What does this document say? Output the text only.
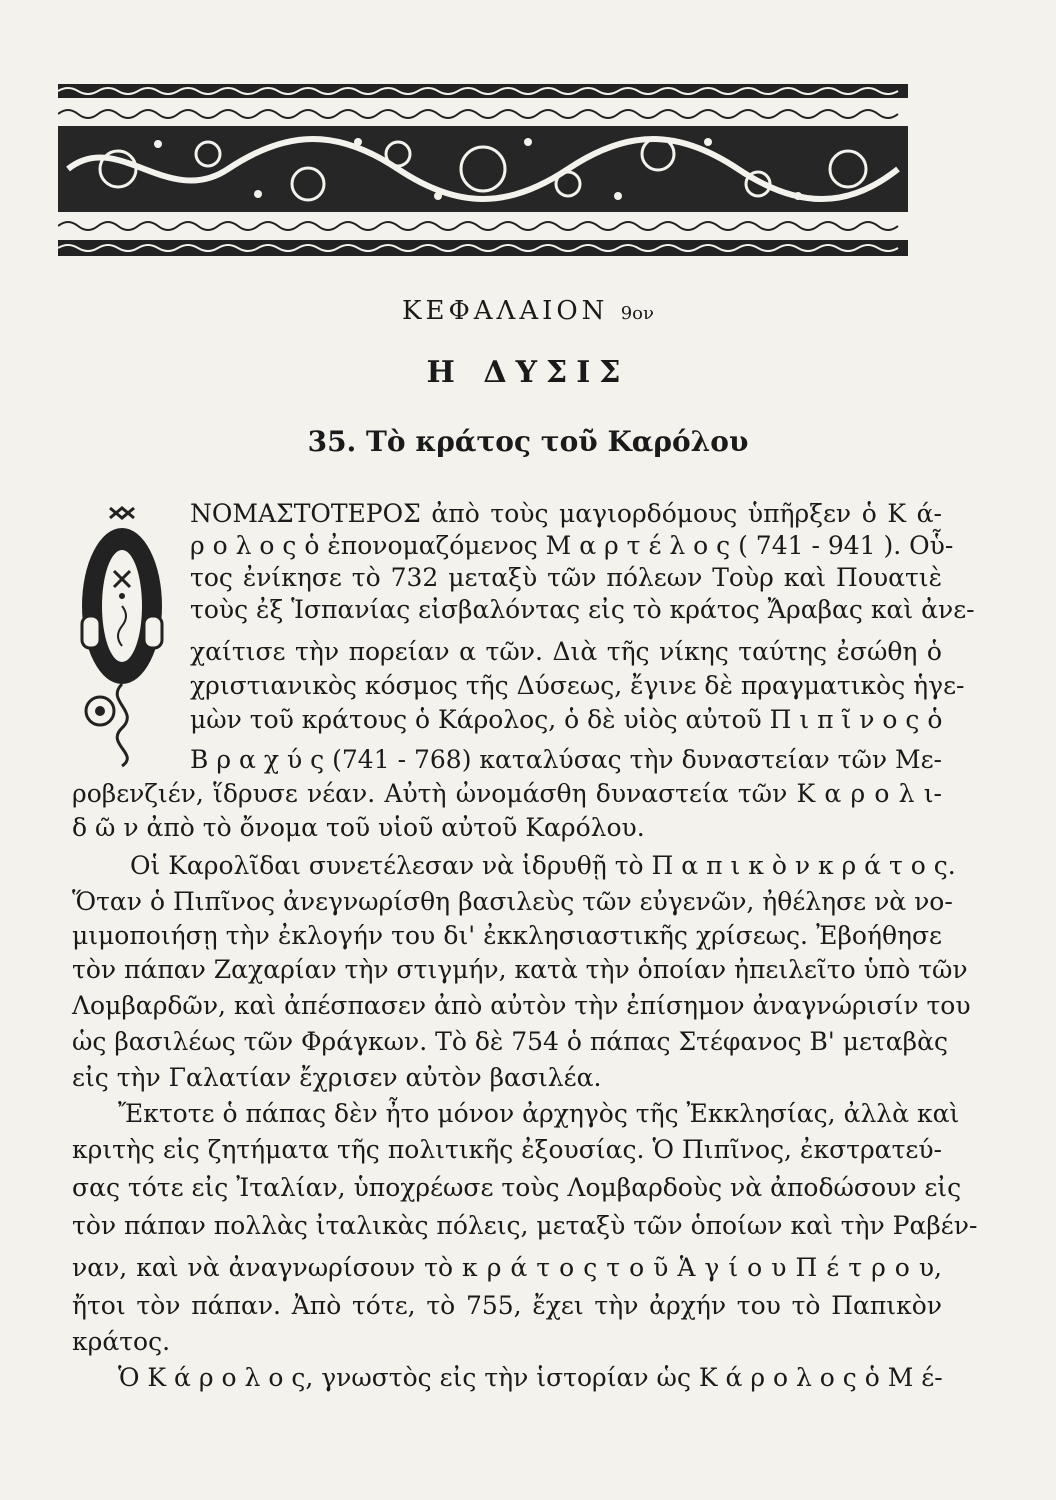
ΚΕΦΑΛΑΙΟΝ 9ον
Η ΔΥΣΙΣ
35. Τὸ κράτος τοῦ Καρόλου
ΝΟΜΑΣΤΟΤΕΡΟΣ ἀπὸ τοὺς μαγιορδόμους ὑπῆρξεν ὁ Κ ά-
ρ ο λ ο ς ὁ ἐπονομαζόμενος Μ α ρ τ έ λ ο ς ( 741 - 941 ). Οὗ-
τος ἐνίκησε τὸ 732 μεταξὺ τῶν πόλεων Τοὺρ καὶ Πουατιὲ
τοὺς ἐξ Ἱσπανίας εἰσβαλόντας εἰς τὸ κράτος Ἄραβας καὶ ἀνε-
χαίτισε τὴν πορείαν α τῶν. Διὰ τῆς νίκης ταύτης ἐσώθη ὁ
χριστιανικὸς κόσμος τῆς Δύσεως, ἔγινε δὲ πραγματικὸς ἡγε-
μὼν τοῦ κράτους ὁ Κάρολος, ὁ δὲ υἱὸς αὐτοῦ Π ι π ῖ ν ο ς ὁ
Β ρ α χ ύ ς (741 - 768) καταλύσας τὴν δυναστείαν τῶν Με-
ροβενζιέν, ἵδρυσε νέαν. Αὐτὴ ὠνομάσθη δυναστεία τῶν Κ α ρ ο λ ι-
δ ῶ ν ἀπὸ τὸ ὄνομα τοῦ υἱοῦ αὐτοῦ Καρόλου.
Οἱ Καρολῖδαι συνετέλεσαν νὰ ἱδρυθῇ τὸ Π α π ι κ ὸ ν κ ρ ά τ ο ς.
Ὅταν ὁ Πιπῖνος ἀνεγνωρίσθη βασιλεὺς τῶν εὐγενῶν, ἠθέλησε νὰ νο-
μιμοποιήσῃ τὴν ἐκλογήν του δι' ἐκκλησιαστικῆς χρίσεως. Ἐβοήθησε
τὸν πάπαν Ζαχαρίαν τὴν στιγμήν, κατὰ τὴν ὁποίαν ἠπειλεῖτο ὑπὸ τῶν
Λομβαρδῶν, καὶ ἀπέσπασεν ἀπὸ αὐτὸν τὴν ἐπίσημον ἀναγνώρισίν του
ὡς βασιλέως τῶν Φράγκων. Τὸ δὲ 754 ὁ πάπας Στέφανος Β' μεταβὰς
εἰς τὴν Γαλατίαν ἔχρισεν αὐτὸν βασιλέα.
Ἔκτοτε ὁ πάπας δὲν ἦτο μόνον ἀρχηγὸς τῆς Ἐκκλησίας, ἀλλὰ καὶ
κριτὴς εἰς ζητήματα τῆς πολιτικῆς ἐξουσίας. Ὁ Πιπῖνος, ἐκστρατεύ-
σας τότε εἰς Ἰταλίαν, ὑποχρέωσε τοὺς Λομβαρδοὺς νὰ ἀποδώσουν εἰς
τὸν πάπαν πολλὰς ἰταλικὰς πόλεις, μεταξὺ τῶν ὁποίων καὶ τὴν Ραβέν-
ναν, καὶ νὰ ἀναγνωρίσουν τὸ κ ρ ά τ ο ς τ ο ῦ Ἁ γ ί ο υ Π έ τ ρ ο υ,
ἤτοι τὸν πάπαν. Ἀπὸ τότε, τὸ 755, ἔχει τὴν ἀρχήν του τὸ Παπικὸν
κράτος.
Ὁ Κ ά ρ ο λ ο ς, γνωστὸς εἰς τὴν ἱστορίαν ὡς Κ ά ρ ο λ ο ς ὁ Μ έ-
